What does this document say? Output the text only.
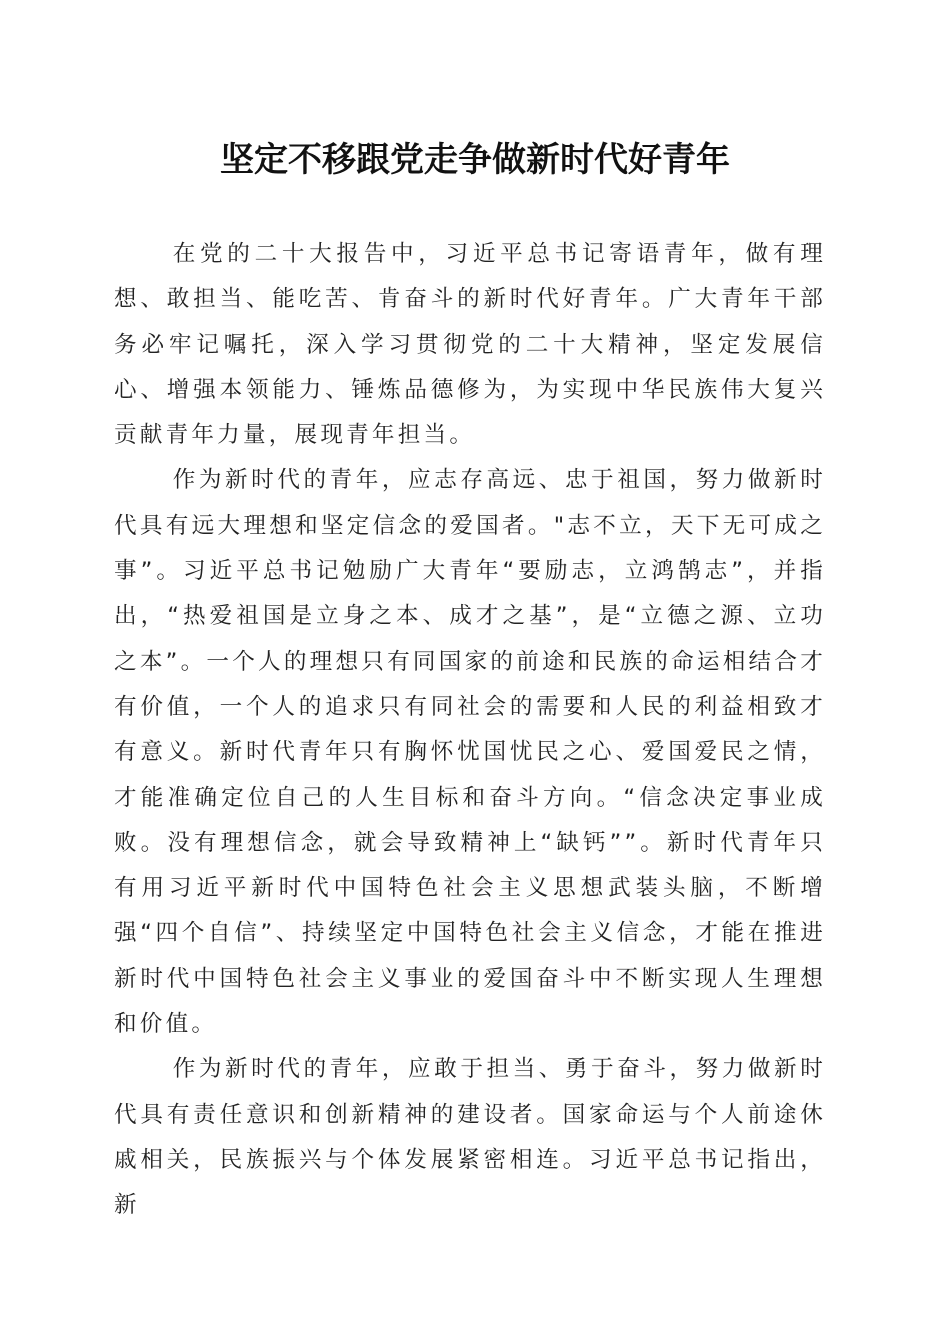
坚定不移跟党走争做新时代好青年

在党的二十大报告中，习近平总书记寄语青年，做有理想、敢担当、能吃苦、肯奋斗的新时代好青年。广大青年干部务必牢记嘱托，深入学习贯彻党的二十大精神，坚定发展信心、增强本领能力、锤炼品德修为，为实现中华民族伟大复兴贡献青年力量，展现青年担当。

作为新时代的青年，应志存高远、忠于祖国，努力做新时代具有远大理想和坚定信念的爱国者。"志不立，天下无可成之事”。习近平总书记勉励广大青年“要励志，立鸿鹄志”，并指出，“热爱祖国是立身之本、成才之基”，是“立德之源、立功之本”。一个人的理想只有同国家的前途和民族的命运相结合才有价值，一个人的追求只有同社会的需要和人民的利益相致才有意义。新时代青年只有胸怀忧国忧民之心、爱国爱民之情，才能准确定位自己的人生目标和奋斗方向。“信念决定事业成败。没有理想信念，就会导致精神上“缺钙””。新时代青年只有用习近平新时代中国特色社会主义思想武装头脑，不断增强“四个自信”、持续坚定中国特色社会主义信念，才能在推进新时代中国特色社会主义事业的爱国奋斗中不断实现人生理想和价值。

作为新时代的青年，应敢于担当、勇于奋斗，努力做新时代具有责任意识和创新精神的建设者。国家命运与个人前途休戚相关，民族振兴与个体发展紧密相连。习近平总书记指出，新
